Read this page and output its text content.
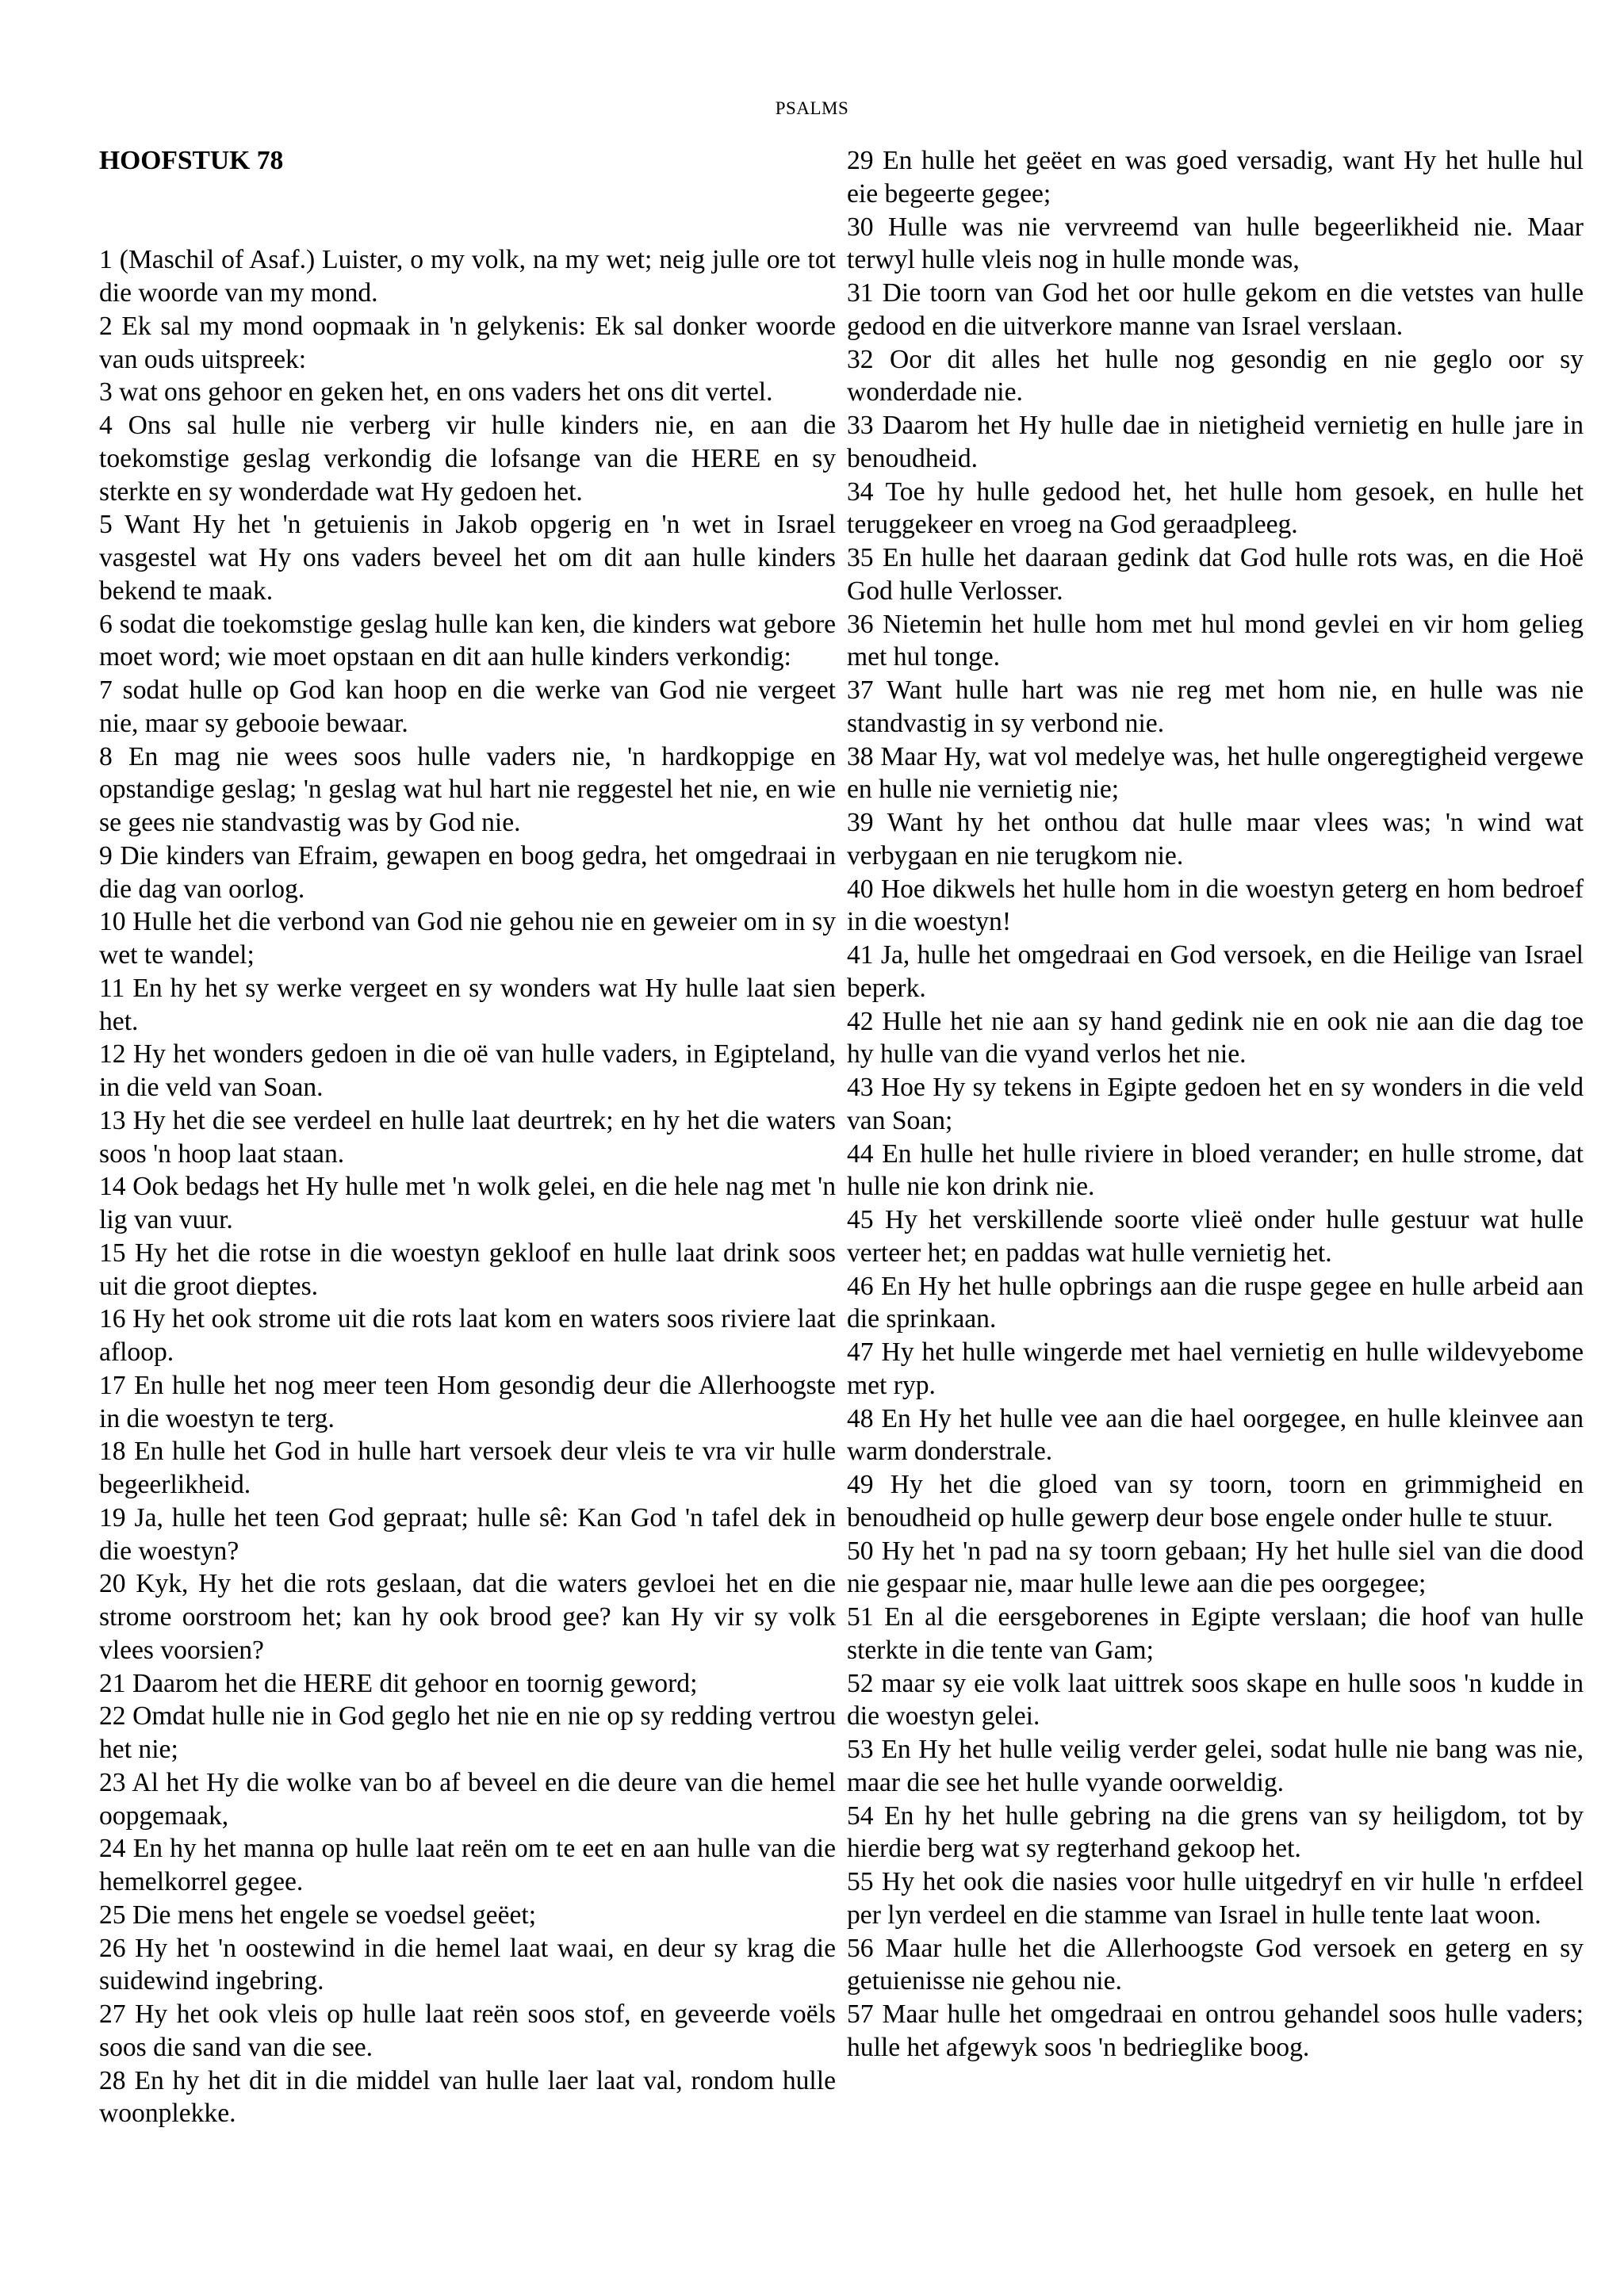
PSALMS
HOOFSTUK 78

1 (Maschil of Asaf.) Luister, o my volk, na my wet; neig julle ore tot die woorde van my mond.

2 Ek sal my mond oopmaak in 'n gelykenis: Ek sal donker woorde van ouds uitspreek:

3 wat ons gehoor en geken het, en ons vaders het ons dit vertel.

4 Ons sal hulle nie verberg vir hulle kinders nie, en aan die toekomstige geslag verkondig die lofsange van die HERE en sy sterkte en sy wonderdade wat Hy gedoen het.

5 Want Hy het 'n getuienis in Jakob opgerig en 'n wet in Israel vasgestel wat Hy ons vaders beveel het om dit aan hulle kinders bekend te maak.

6 sodat die toekomstige geslag hulle kan ken, die kinders wat gebore moet word; wie moet opstaan en dit aan hulle kinders verkondig:

7 sodat hulle op God kan hoop en die werke van God nie vergeet nie, maar sy gebooie bewaar.

8 En mag nie wees soos hulle vaders nie, 'n hardkoppige en opstandige geslag; 'n geslag wat hul hart nie reggestel het nie, en wie se gees nie standvastig was by God nie.

9 Die kinders van Efraim, gewapen en boog gedra, het omgedraai in die dag van oorlog.

10 Hulle het die verbond van God nie gehou nie en geweier om in sy wet te wandel;

11 En hy het sy werke vergeet en sy wonders wat Hy hulle laat sien het.

12 Hy het wonders gedoen in die oë van hulle vaders, in Egipteland, in die veld van Soan.

13 Hy het die see verdeel en hulle laat deurtrek; en hy het die waters soos 'n hoop laat staan.

14 Ook bedags het Hy hulle met 'n wolk gelei, en die hele nag met 'n lig van vuur.

15 Hy het die rotse in die woestyn gekloof en hulle laat drink soos uit die groot dieptes.

16 Hy het ook strome uit die rots laat kom en waters soos riviere laat afloop.

17 En hulle het nog meer teen Hom gesondig deur die Allerhoogste in die woestyn te terg.

18 En hulle het God in hulle hart versoek deur vleis te vra vir hulle begeerlikheid.

19 Ja, hulle het teen God gepraat; hulle sê: Kan God 'n tafel dek in die woestyn?

20 Kyk, Hy het die rots geslaan, dat die waters gevloei het en die strome oorstroom het; kan hy ook brood gee? kan Hy vir sy volk vlees voorsien?

21 Daarom het die HERE dit gehoor en toornig geword;

22 Omdat hulle nie in God geglo het nie en nie op sy redding vertrou het nie;

23 Al het Hy die wolke van bo af beveel en die deure van die hemel oopgemaak,

24 En hy het manna op hulle laat reën om te eet en aan hulle van die hemelkorrel gegee.

25 Die mens het engele se voedsel geëet;

26 Hy het 'n oostewind in die hemel laat waai, en deur sy krag die suidewind ingebring.

27 Hy het ook vleis op hulle laat reën soos stof, en geveerde voëls soos die sand van die see.

28 En hy het dit in die middel van hulle laer laat val, rondom hulle woonplekke.

29 En hulle het geëet en was goed versadig, want Hy het hulle hul eie begeerte gegee;

30 Hulle was nie vervreemd van hulle begeerlikheid nie. Maar terwyl hulle vleis nog in hulle monde was,

31 Die toorn van God het oor hulle gekom en die vetstes van hulle gedood en die uitverkore manne van Israel verslaan.

32 Oor dit alles het hulle nog gesondig en nie geglo oor sy wonderdade nie.

33 Daarom het Hy hulle dae in nietigheid vernietig en hulle jare in benoudheid.

34 Toe hy hulle gedood het, het hulle hom gesoek, en hulle het teruggekeer en vroeg na God geraadpleeg.

35 En hulle het daaraan gedink dat God hulle rots was, en die Hoë God hulle Verlosser.

36 Nietemin het hulle hom met hul mond gevlei en vir hom gelieg met hul tonge.

37 Want hulle hart was nie reg met hom nie, en hulle was nie standvastig in sy verbond nie.

38 Maar Hy, wat vol medelye was, het hulle ongeregtigheid vergewe en hulle nie vernietig nie;

39 Want hy het onthou dat hulle maar vlees was; 'n wind wat verbygaan en nie terugkom nie.

40 Hoe dikwels het hulle hom in die woestyn geterg en hom bedroef in die woestyn!

41 Ja, hulle het omgedraai en God versoek, en die Heilige van Israel beperk.

42 Hulle het nie aan sy hand gedink nie en ook nie aan die dag toe hy hulle van die vyand verlos het nie.

43 Hoe Hy sy tekens in Egipte gedoen het en sy wonders in die veld van Soan;

44 En hulle het hulle riviere in bloed verander; en hulle strome, dat hulle nie kon drink nie.

45 Hy het verskillende soorte vlieë onder hulle gestuur wat hulle verteer het; en paddas wat hulle vernietig het.

46 En Hy het hulle opbrings aan die ruspe gegee en hulle arbeid aan die sprinkaan.

47 Hy het hulle wingerde met hael vernietig en hulle wildevyebome met ryp.

48 En Hy het hulle vee aan die hael oorgegee, en hulle kleinvee aan warm donderstrale.

49 Hy het die gloed van sy toorn, toorn en grimmigheid en benoudheid op hulle gewerp deur bose engele onder hulle te stuur.

50 Hy het 'n pad na sy toorn gebaan; Hy het hulle siel van die dood nie gespaar nie, maar hulle lewe aan die pes oorgegee;

51 En al die eersgeborenes in Egipte verslaan; die hoof van hulle sterkte in die tente van Gam;

52 maar sy eie volk laat uittrek soos skape en hulle soos 'n kudde in die woestyn gelei.

53 En Hy het hulle veilig verder gelei, sodat hulle nie bang was nie, maar die see het hulle vyande oorweldig.

54 En hy het hulle gebring na die grens van sy heiligdom, tot by hierdie berg wat sy regterhand gekoop het.

55 Hy het ook die nasies voor hulle uitgedryf en vir hulle 'n erfdeel per lyn verdeel en die stamme van Israel in hulle tente laat woon.

56 Maar hulle het die Allerhoogste God versoek en geterg en sy getuienisse nie gehou nie.

57 Maar hulle het omgedraai en ontrou gehandel soos hulle vaders; hulle het afgewyk soos 'n bedrieglike boog.
